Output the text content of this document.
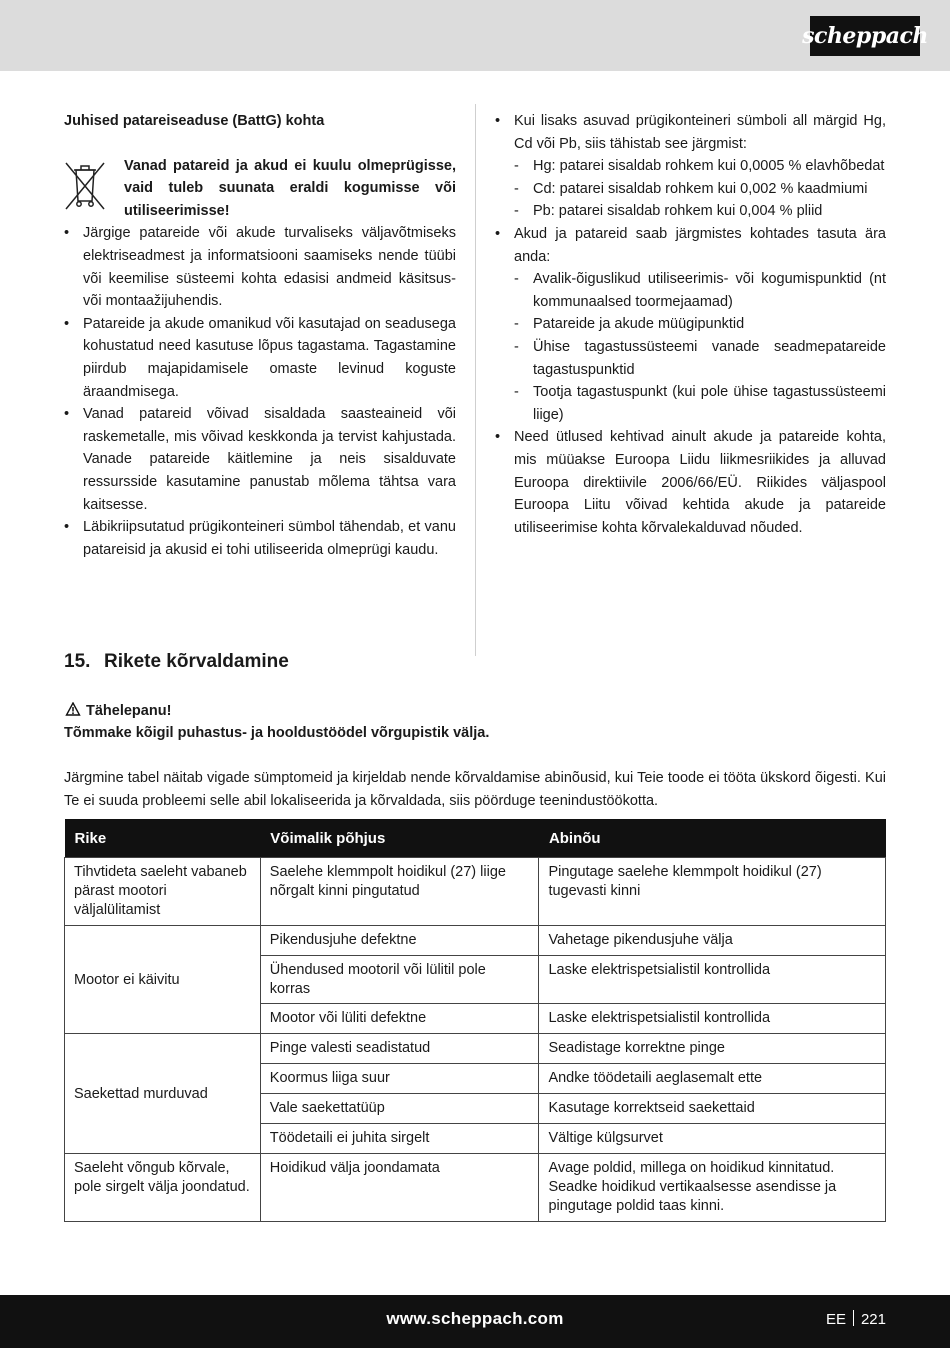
scheppach
Juhised patareiseaduse (BattG) kohta
Vanad patareid ja akud ei kuulu olmeprügisse, vaid tuleb suunata eraldi kogumisse või utiliseerimisse!
• Järgige patareide või akude turvaliseks väljavõtmiseks elektriseadmest ja informatsiooni saamiseks nende tüübi või keemilise süsteemi kohta edasisi andmeid käsitsus- või montaažijuhendis.
• Patareide ja akude omanikud või kasutajad on seadusega kohustatud need kasutuse lõpus tagastama. Tagastamine piirdub majapidamisele omaste levinud koguste äraandmisega.
• Vanad patareid võivad sisaldada saasteaineid või raskemetalle, mis võivad keskkonda ja tervist kahjustada. Vanade patareide käitlemine ja neis sisalduvate ressursside kasutamine panustab mõlema tähtsa vara kaitsesse.
• Läbikriipsutatud prügikonteineri sümbol tähendab, et vanu patareisid ja akusid ei tohi utiliseerida olmeprügi kaudu.
• Kui lisaks asuvad prügikonteineri sümboli all märgid Hg, Cd või Pb, siis tähistab see järgmist:
- Hg: patarei sisaldab rohkem kui 0,0005 % elavhõbedat
- Cd: patarei sisaldab rohkem kui 0,002 % kaadmiumi
- Pb: patarei sisaldab rohkem kui 0,004 % pliid
• Akud ja patareid saab järgmistes kohtades tasuta ära anda:
- Avalik-õiguslikud utiliseerimis- või kogumispunktid (nt kommunaalsed toormejaamad)
- Patareide ja akude müügipunktid
- Ühise tagastussüsteemi vanade seadmepatareide tagastuspunktid
- Tootja tagastuspunkt (kui pole ühise tagastussüsteemi liige)
• Need ütlused kehtivad ainult akude ja patareide kohta, mis müüakse Euroopa Liidu liikmesriikides ja alluvad Euroopa direktiivile 2006/66/EÜ. Riikides väljaspool Euroopa Liitu võivad kehtida akude ja patareide utiliseerimise kohta kõrvalekalduvad nõuded.
15. Rikete kõrvaldamine
Tähelepanu!
Tõmmake kõigil puhastus- ja hooldustöödel võrgupistik välja.
Järgmine tabel näitab vigade sümptomeid ja kirjeldab nende kõrvaldamise abinõusid, kui Teie toode ei tööta ükskord õigesti. Kui Te ei suuda probleemi selle abil lokaliseerida ja kõrvaldada, siis pöörduge teenindustöökotta.
Rike	Võimalik põhjus	Abinõu
Tihvtideta saeleht vabaneb pärast mootori väljalülitamist	Saelehe klemmpolt hoidikul (27) liige nõrgalt kinni pingutatud	Pingutage saelehe klemmpolt hoidikul (27) tugevasti kinni
Mootor ei käivitu	Pikendusjuhe defektne	Vahetage pikendusjuhe välja
	Ühendused mootoril või lülitil pole korras	Laske elektrispetsialistil kontrollida
	Mootor või lüliti defektne	Laske elektrispetsialistil kontrollida
Saekettad murduvad	Pinge valesti seadistatud	Seadistage korrektne pinge
	Koormus liiga suur	Andke töödetaili aeglasemalt ette
	Vale saekettatüüp	Kasutage korrektseid saekettaid
	Töödetaili ei juhita sirgelt	Vältige külgsurvet
Saeleht võngub kõrvale, pole sirgelt välja joondatud.	Hoidikud välja joondamata	Avage poldid, millega on hoidikud kinnitatud. Seadke hoidikud vertikaalsesse asendisse ja pingutage poldid taas kinni.
www.scheppach.com	EE 221
